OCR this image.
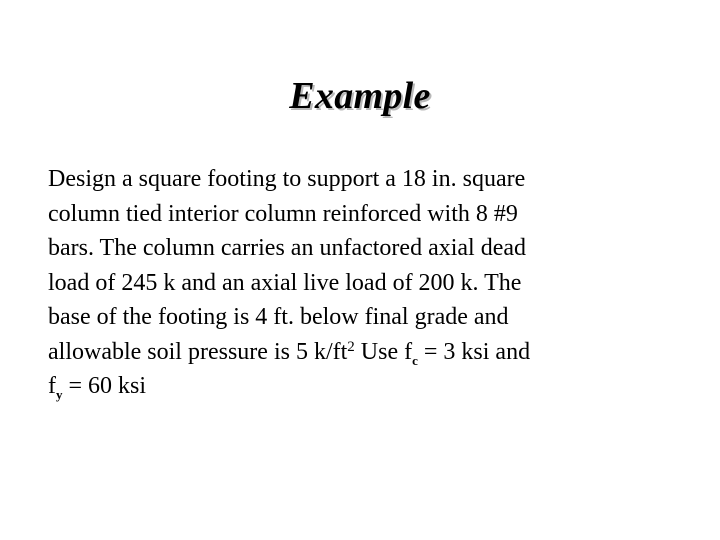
Example
Design a square footing to support a 18 in. square
column tied interior column reinforced with 8 #9
bars. The column carries an unfactored axial dead
load of 245 k and an axial live load of 200 k. The
base of the footing is 4 ft. below final grade and
allowable soil pressure is 5 $k/ft^2$ Use $f_c = 3$ ksi and
$f_y = 60$ ksi
